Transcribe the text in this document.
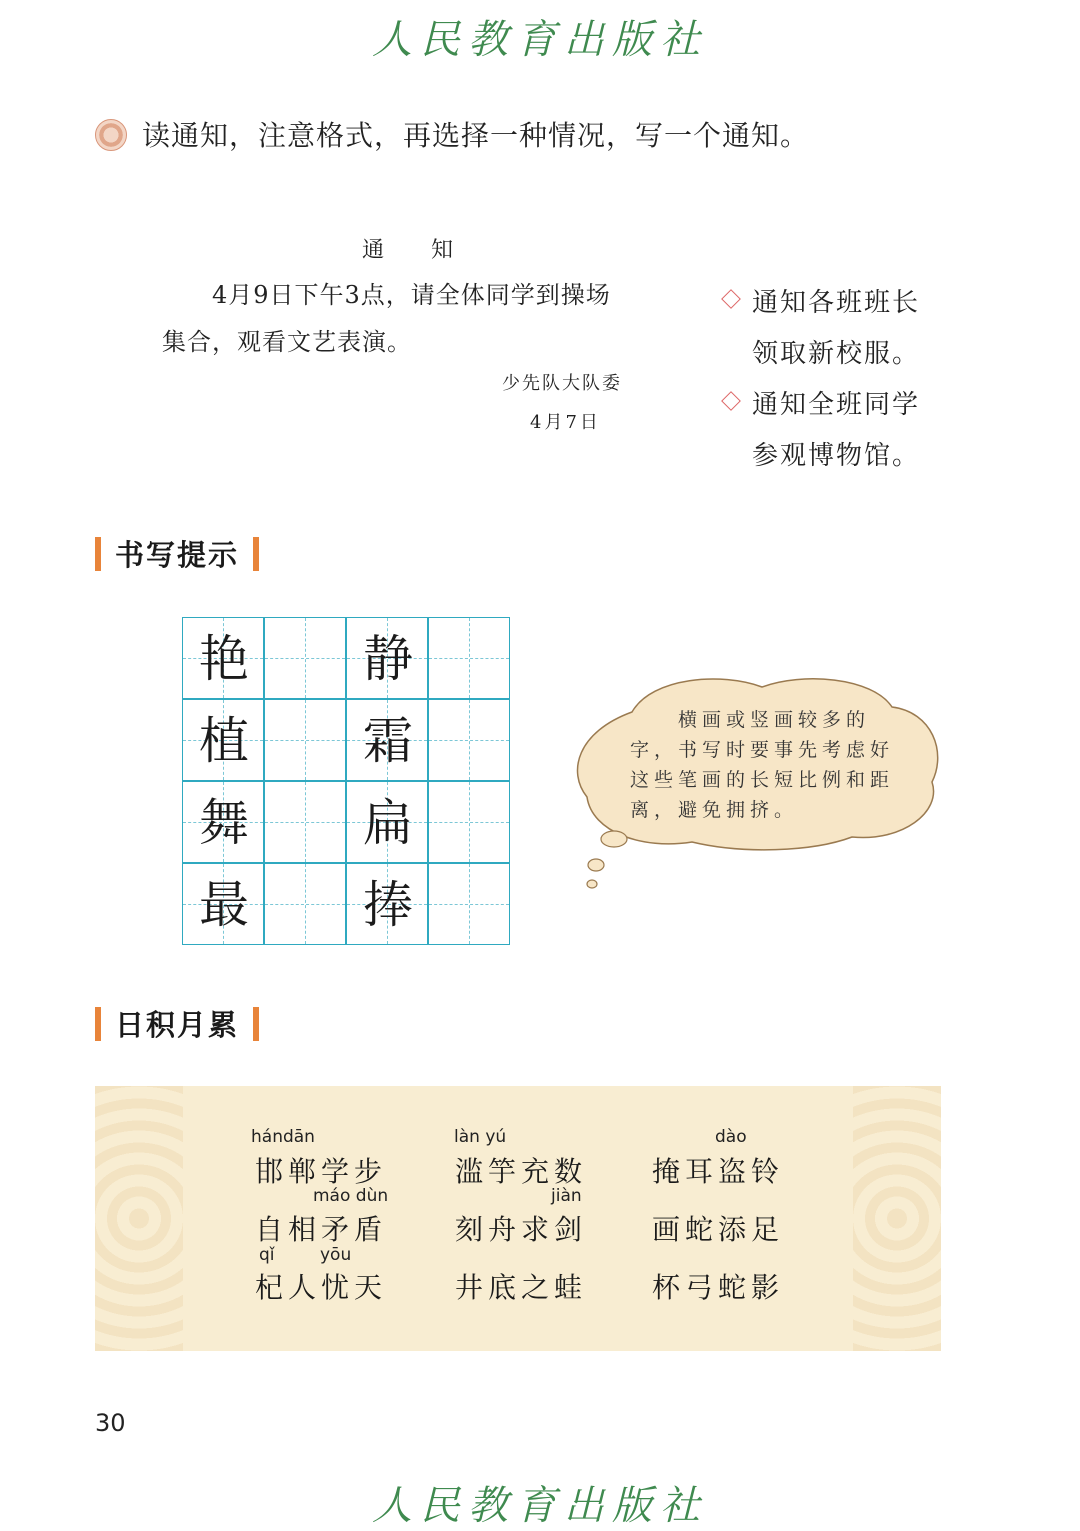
人民教育出版社
读通知，注意格式，再选择一种情况，写一个通知。
通 知
4月9日下午3点，请全体同学到操场
集合，观看文艺表演。
少先队大队委
4月7日
通知各班班长
领取新校服。
通知全班同学
参观博物馆。
书写提示
艳
植
舞
最
静
霜
扁
捧
横画或竖画较多的字，书写时要事先考虑好这些笔画的长短比例和距离，避免拥挤。
日积月累
hándān
邯郸学步
làn yú
滥竽充数
dào
掩耳盗铃
máo dùn
自相矛盾
jiàn
刻舟求剑 画蛇添足
qǐ	yōu
杞人忧天 井底之蛙 杯弓蛇影
30
人民教育出版社
